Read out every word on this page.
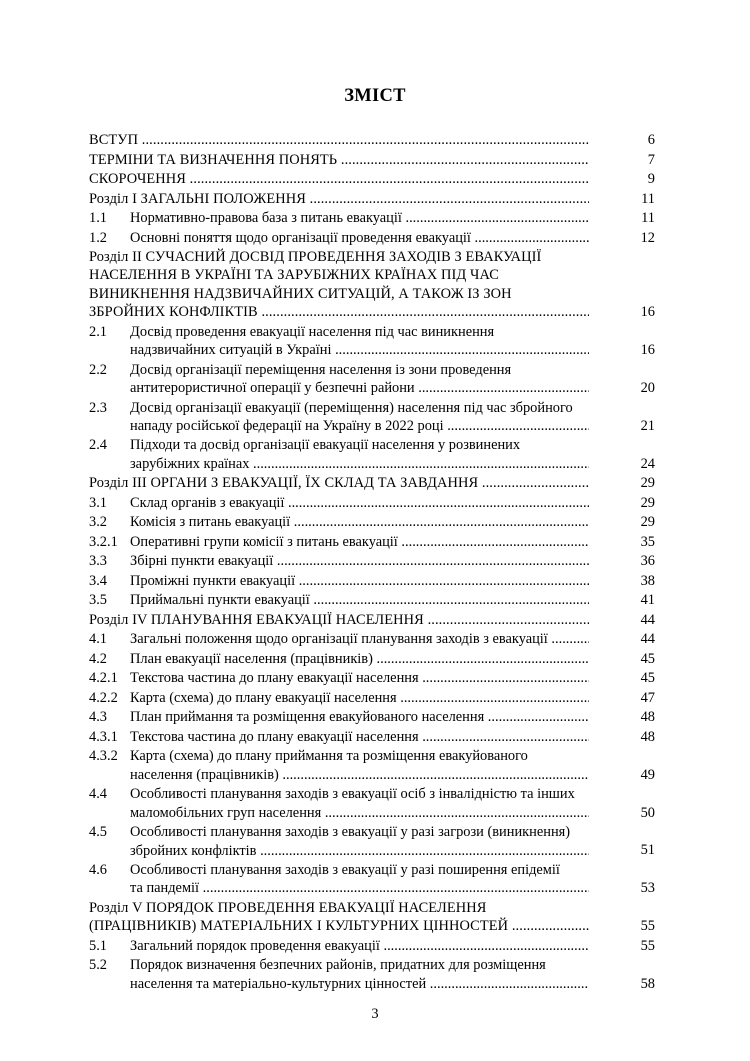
ЗМІСТ
ВСТУП .....	6
ТЕРМІНИ ТА ВИЗНАЧЕННЯ ПОНЯТЬ .....	7
СКОРОЧЕННЯ .....	9
Розділ І ЗАГАЛЬНІ ПОЛОЖЕННЯ .....	11
1.1 Нормативно-правова база з питань евакуації .....	11
1.2 Основні поняття щодо організації проведення евакуації .....	12
Розділ ІІ СУЧАСНИЙ ДОСВІД ПРОВЕДЕННЯ ЗАХОДІВ З ЕВАКУАЦІЇ
НАСЕЛЕННЯ В УКРАЇНІ ТА ЗАРУБІЖНИХ КРАЇНАХ ПІД ЧАС
ВИНИКНЕННЯ НАДЗВИЧАЙНИХ СИТУАЦІЙ, А ТАКОЖ ІЗ ЗОН
ЗБРОЙНИХ КОНФЛІКТІВ .....	16
2.1 Досвід проведення евакуації населення під час виникнення
надзвичайних ситуацій в Україні .....	16
2.2 Досвід організації переміщення населення із зони проведення
антитерористичної операції у безпечні райони .....	20
2.3 Досвід організації евакуації (переміщення) населення під час збройного
нападу російської федерації на Україну в 2022 році .....	21
2.4 Підходи та досвід організації евакуації населення у розвинених
зарубіжних країнах .....	24
Розділ ІІІ ОРГАНИ З ЕВАКУАЦІЇ, ЇХ СКЛАД ТА ЗАВДАННЯ .....	29
3.1 Склад органів з евакуації .....	29
3.2 Комісія з питань евакуації .....	29
3.2.1 Оперативні групи комісії з питань евакуації .....	35
3.3 Збірні пункти евакуації .....	36
3.4 Проміжні пункти евакуації .....	38
3.5 Приймальні пункти евакуації .....	41
Розділ IV ПЛАНУВАННЯ ЕВАКУАЦІЇ НАСЕЛЕННЯ .....	44
4.1 Загальні положення щодо організації планування заходів з евакуації .....	44
4.2 План евакуації населення (працівників) .....	45
4.2.1 Текстова частина до плану евакуації населення .....	45
4.2.2 Карта (схема) до плану евакуації населення .....	47
4.3 План приймання та розміщення евакуйованого населення .....	48
4.3.1 Текстова частина до плану евакуації населення .....	48
4.3.2 Карта (схема) до плану приймання та розміщення евакуйованого
населення (працівників) .....	49
4.4 Особливості планування заходів з евакуації осіб з інвалідністю та інших
маломобільних груп населення .....	50
4.5 Особливості планування заходів з евакуації у разі загрози (виникнення)
збройних конфліктів .....	51
4.6 Особливості планування заходів з евакуації у разі поширення епідемії
та пандемії .....	53
Розділ V ПОРЯДОК ПРОВЕДЕННЯ ЕВАКУАЦІЇ НАСЕЛЕННЯ
(ПРАЦІВНИКІВ) МАТЕРІАЛЬНИХ І КУЛЬТУРНИХ ЦІННОСТЕЙ .....	55
5.1 Загальний порядок проведення евакуації .....	55
5.2 Порядок визначення безпечних районів, придатних для розміщення
населення та матеріально-культурних цінностей .....	58
3
